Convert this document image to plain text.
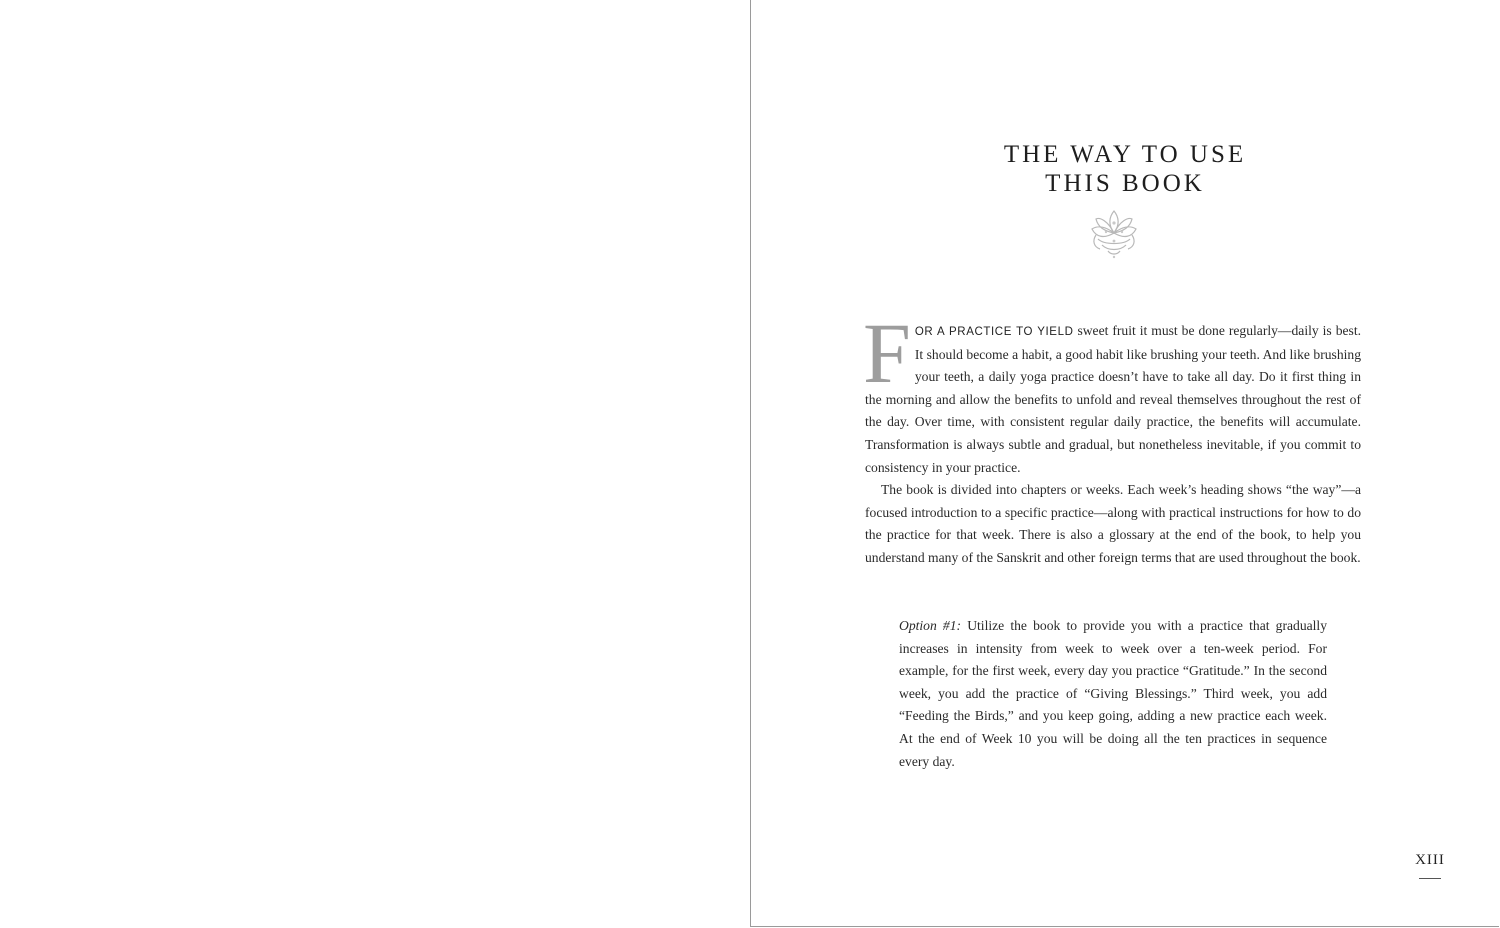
THE WAY TO USE
THIS BOOK

FOR A PRACTICE TO YIELD sweet fruit it must be done regularly—daily is best. It should become a habit, a good habit like brushing your teeth. And like brushing your teeth, a daily yoga practice doesn’t have to take all day. Do it first thing in the morning and allow the benefits to unfold and reveal themselves throughout the rest of the day. Over time, with consistent regular daily practice, the benefits will accumulate. Transformation is always subtle and gradual, but nonetheless inevitable, if you commit to consistency in your practice.

The book is divided into chapters or weeks. Each week’s heading shows “the way”—a focused introduction to a specific practice—along with practical instructions for how to do the practice for that week. There is also a glossary at the end of the book, to help you understand many of the Sanskrit and other foreign terms that are used throughout the book.

Option #1: Utilize the book to provide you with a practice that gradually increases in intensity from week to week over a ten-week period. For example, for the first week, every day you practice “Gratitude.” In the second week, you add the practice of “Giving Blessings.” Third week, you add “Feeding the Birds,” and you keep going, adding a new practice each week. At the end of Week 10 you will be doing all the ten practices in sequence every day.

XIII
